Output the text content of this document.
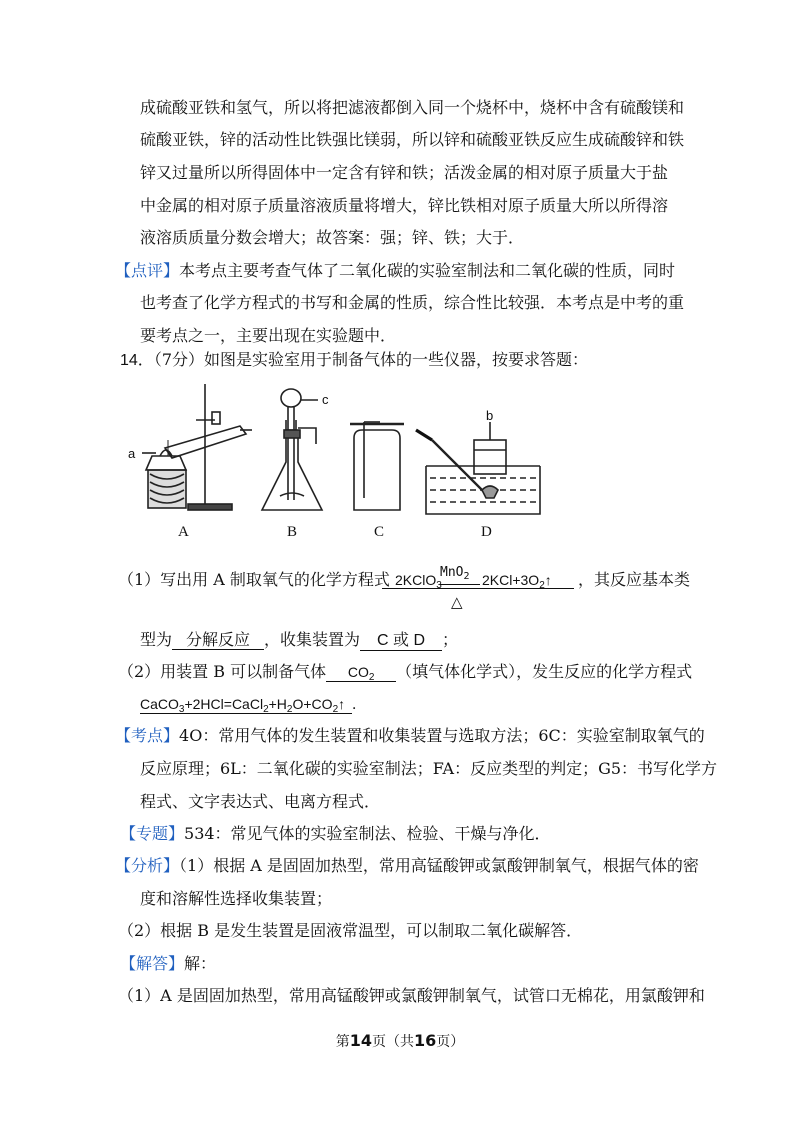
成硫酸亚铁和氢气，所以将把滤液都倒入同一个烧杯中，烧杯中含有硫酸镁和
硫酸亚铁，锌的活动性比铁强比镁弱，所以锌和硫酸亚铁反应生成硫酸锌和铁
锌又过量所以所得固体中一定含有锌和铁；活泼金属的相对原子质量大于盐
中金属的相对原子质量溶液质量将增大，锌比铁相对原子质量大所以所得溶
液溶质质量分数会增大；故答案：强；锌、铁；大于．
【点评】本考点主要考查气体了二氧化碳的实验室制法和二氧化碳的性质，同时
也考查了化学方程式的书写和金属的性质，综合性比较强．本考点是中考的重
要考点之一，主要出现在实验题中．
14．（7分）如图是实验室用于制备气体的一些仪器，按要求答题：
a
c
b
A	B	C	D
（1）写出用 A 制取氧气的化学方程式 2KClO$_3$
MnO$_2$
△
$2KCl+3O_2↑$ ，其反应基本类
型为 分解反应 ，收集装置为 C 或 D ；
（2）用装置 B 可以制备气体 $CO_2$ （填气体化学式），发生反应的化学方程式
$CaCO_3+2HCl=CaCl_2+H_2O+CO_2↑$ ．
【考点】4O：常用气体的发生装置和收集装置与选取方法；6C：实验室制取氧气的
反应原理；6L：二氧化碳的实验室制法；FA：反应类型的判定；G5：书写化学方
程式、文字表达式、电离方程式．
【专题】534：常见气体的实验室制法、检验、干燥与净化．
【分析】（1）根据 A 是固固加热型，常用高锰酸钾或氯酸钾制氧气，根据气体的密
度和溶解性选择收集装置；
（2）根据 B 是发生装置是固液常温型，可以制取二氧化碳解答．
【解答】解：
（1）A 是固固加热型，常用高锰酸钾或氯酸钾制氧气，试管口无棉花，用氯酸钾和
第14页（共16页）
